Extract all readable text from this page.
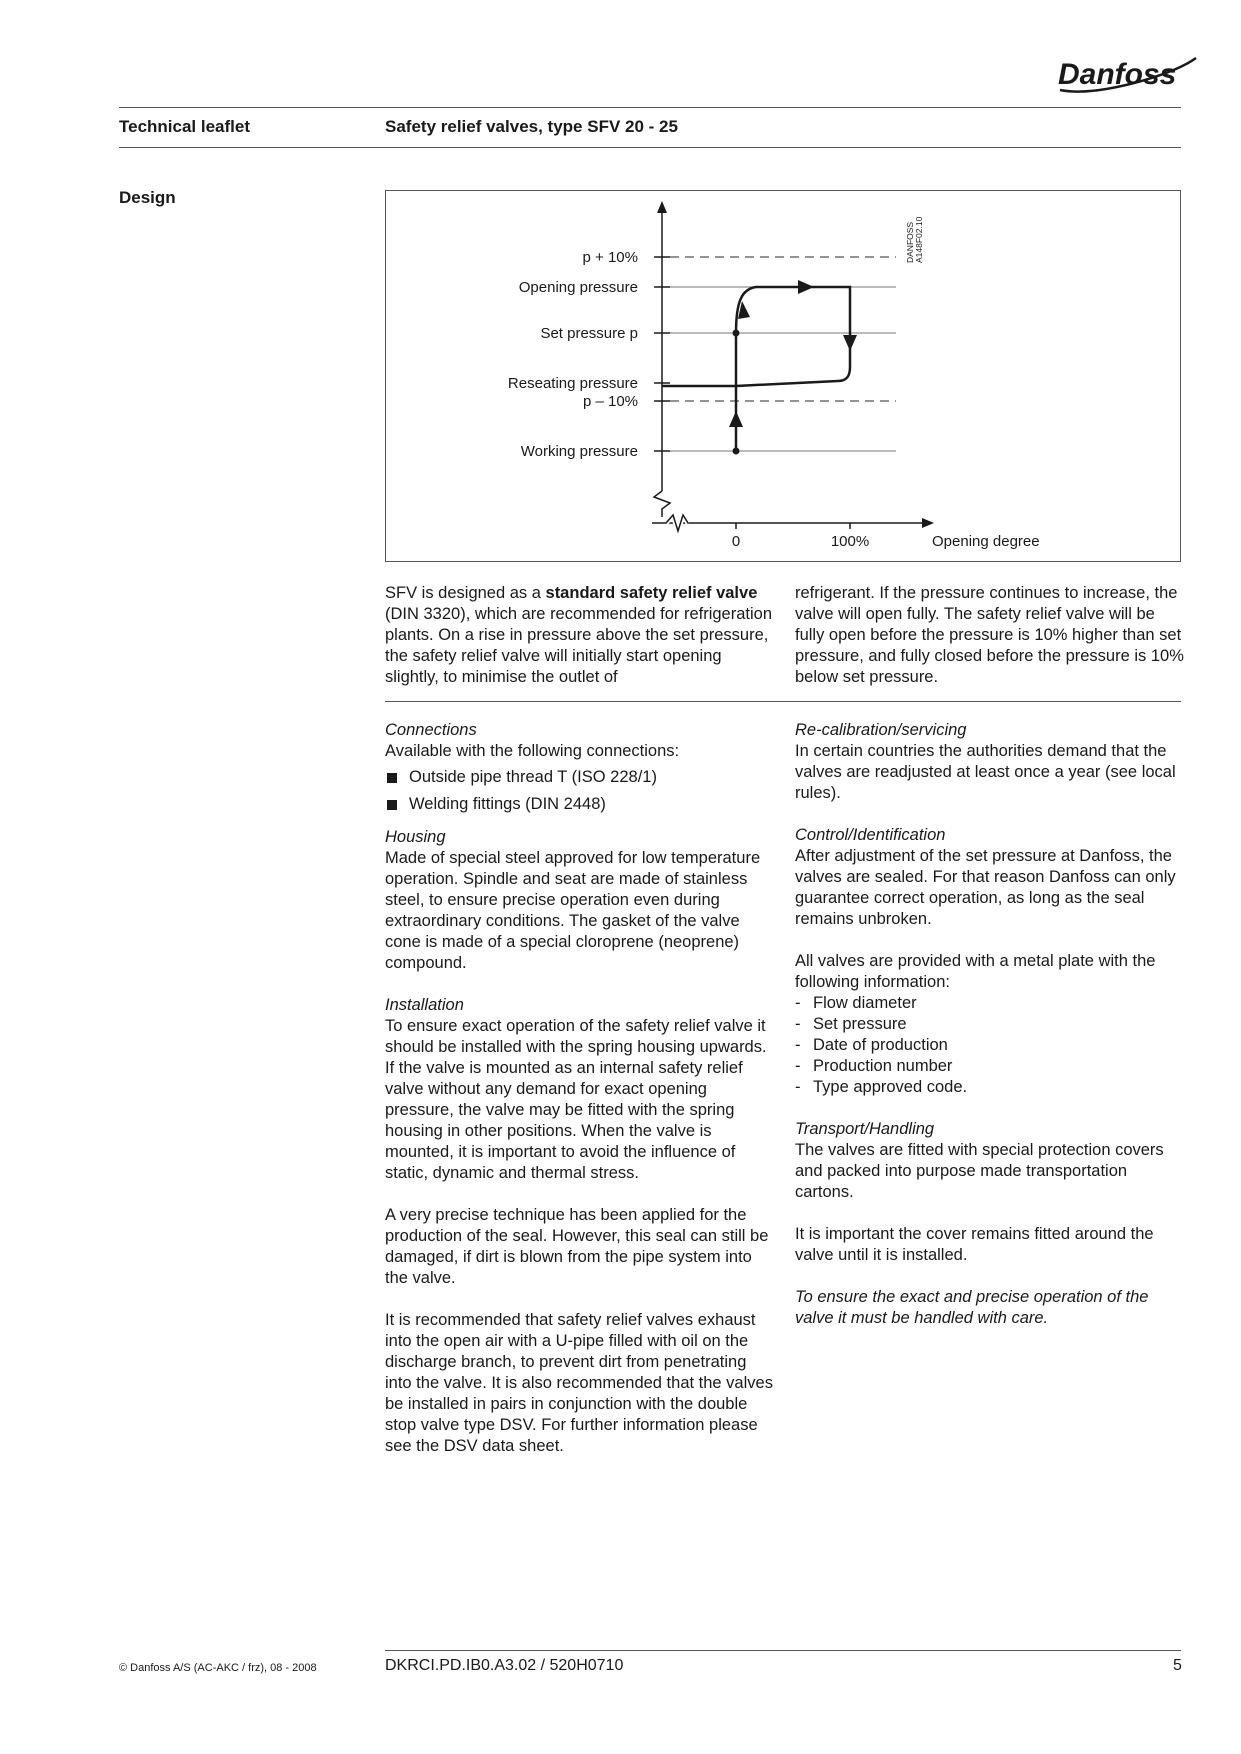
Danfoss
Technical leaflet	Safety relief valves, type SFV 20 - 25
Design
p + 10%
Opening pressure
Set pressure p
Reseating pressure
p – 10%
Working pressure
0	100%	Opening degree
DANFOSS A148F02.10

SFV is designed as a standard safety relief valve (DIN 3320), which are recommended for refrigeration plants. On a rise in pressure above the set pressure, the safety relief valve will initially start opening slightly, to minimise the outlet of

refrigerant. If the pressure continues to increase, the valve will open fully. The safety relief valve will be fully open before the pressure is 10% higher than set pressure, and fully closed before the pressure is 10% below set pressure.

Connections
Available with the following connections:
Outside pipe thread T (ISO 228/1)
Welding fittings (DIN 2448)
Housing

Made of special steel approved for low temperature operation. Spindle and seat are made of stainless steel, to ensure precise operation even during extraordinary conditions. The gasket of the valve cone is made of a special cloroprene (neoprene) compound.

Installation

To ensure exact operation of the safety relief valve it should be installed with the spring housing upwards. If the valve is mounted as an internal safety relief valve without any demand for exact opening pressure, the valve may be fitted with the spring housing in other positions. When the valve is mounted, it is important to avoid the influence of static, dynamic and thermal stress.

A very precise technique has been applied for the production of the seal. However, this seal can still be damaged, if dirt is blown from the pipe system into the valve.

It is recommended that safety relief valves exhaust into the open air with a U-pipe filled with oil on the discharge branch, to prevent dirt from penetrating into the valve. It is also recommended that the valves be installed in pairs in conjunction with the double stop valve type DSV. For further information please see the DSV data sheet.

Re-calibration/servicing

In certain countries the authorities demand that the valves are readjusted at least once a year (see local rules).

Control/Identification

After adjustment of the set pressure at Danfoss, the valves are sealed. For that reason Danfoss can only guarantee correct operation, as long as the seal remains unbroken.

All valves are provided with a metal plate with the following information:
- Flow diameter
- Set pressure
- Date of production
- Production number
- Type approved code.
Transport/Handling

The valves are fitted with special protection covers and packed into purpose made transportation cartons.

It is important the cover remains fitted around the valve until it is installed.

To ensure the exact and precise operation of the valve it must be handled with care.

© Danfoss A/S (AC-AKC / frz), 08 - 2008	DKRCI.PD.IB0.A3.02 / 520H0710	5
